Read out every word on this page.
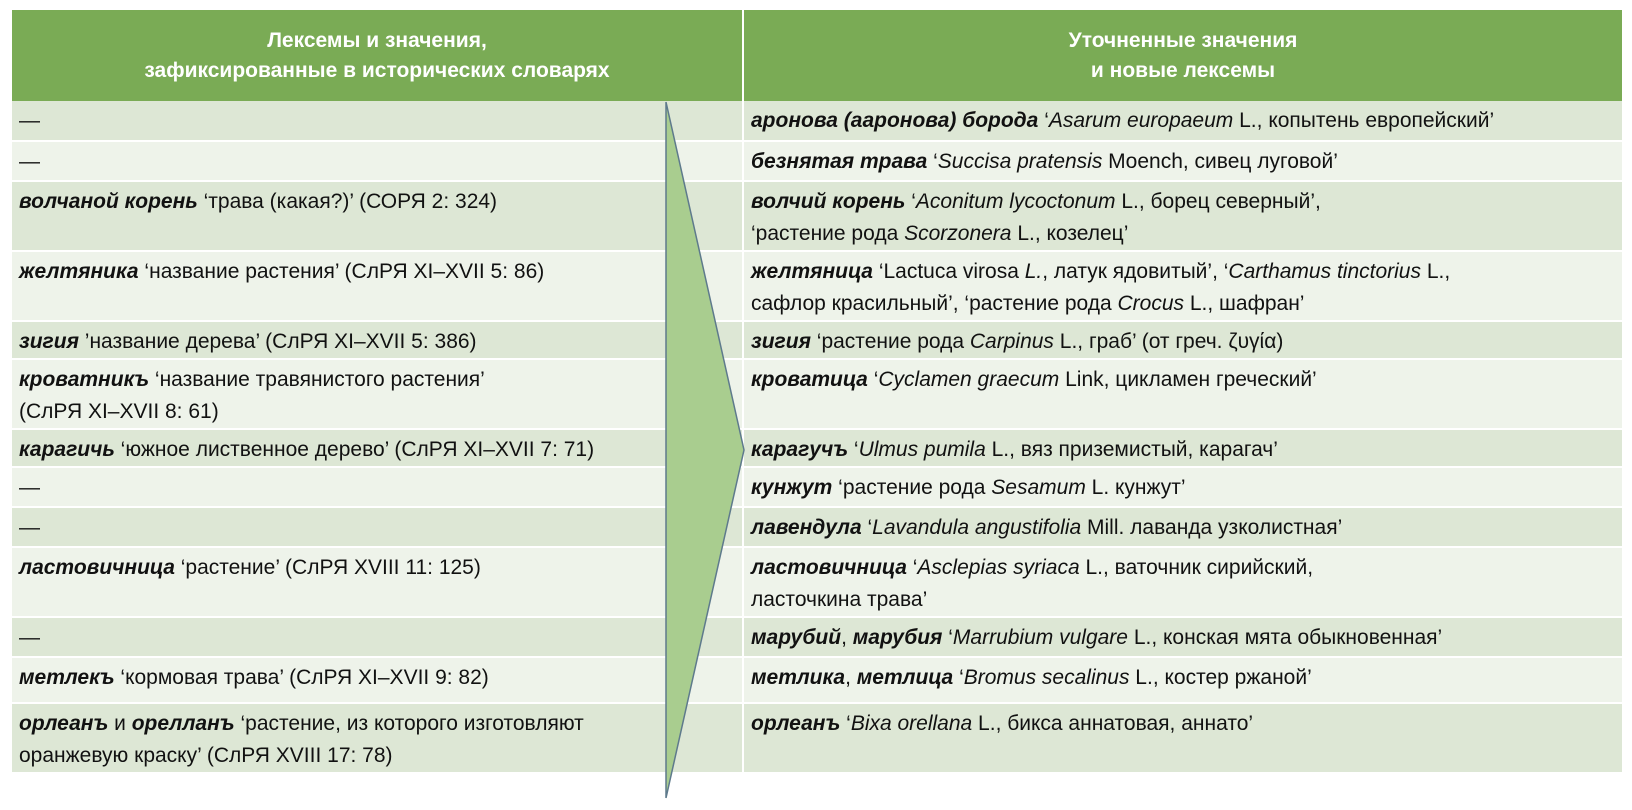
Лексемы и значения,
зафиксированные в исторических словарях	Уточненные значения
и новые лексемы
—	аронова (ааронова) борода ‘Asarum europaeum L., копытень европейский’
—	безнятая трава ‘Succisa pratensis Moench, сивец луговой’
волчаной корень ‘трава (какая?)’ (СОРЯ 2: 324)	волчий корень ‘Aconitum lycoctonum L., борец северный’,
‘растение рода Scorzonera L., козелец’
желтяника ‘название растения’ (СлРЯ XI–XVII 5: 86)	желтяница ‘Lactuca virosa L., латук ядовитый’, ‘Carthamus tinctorius L.,
сафлор красильный’, ‘растение рода Crocus L., шафран’
зигия ’название дерева’ (СлРЯ XI–XVII 5: 386)	зигия ‘растение рода Carpinus L., граб’ (от греч. ζυγία)
кроватникъ ‘название травянистого растения’
(СлРЯ XI–XVII 8: 61)	кроватица ‘Cyclamen graecum Link, цикламен греческий’
карагичь ‘южное лиственное дерево’ (СлРЯ XI–XVII 7: 71)	карагучъ ‘Ulmus pumila L., вяз приземистый, карагач’
—	кунжут ‘растение рода Sesamum L. кунжут’
—	лавендула ‘Lavandula angustifolia Mill. лаванда узколистная’
ластовичница ‘растение’ (СлРЯ XVIII 11: 125)	ластовичница ‘Asclepias syriaca L., ваточник сирийский,
ласточкина трава’
—	марубий, марубия ‘Marrubium vulgare L., конская мята обыкновенная’
метлекъ ‘кормовая трава’ (СлРЯ XI–XVII 9: 82)	метлика, метлица ‘Bromus secalinus L., костер ржаной’
орлеанъ и орелланъ ‘растение, из которого изготовляют
оранжевую краску’ (СлРЯ XVIII 17: 78)	орлеанъ ‘Bixa orellana L., бикса аннатовая, аннато’
